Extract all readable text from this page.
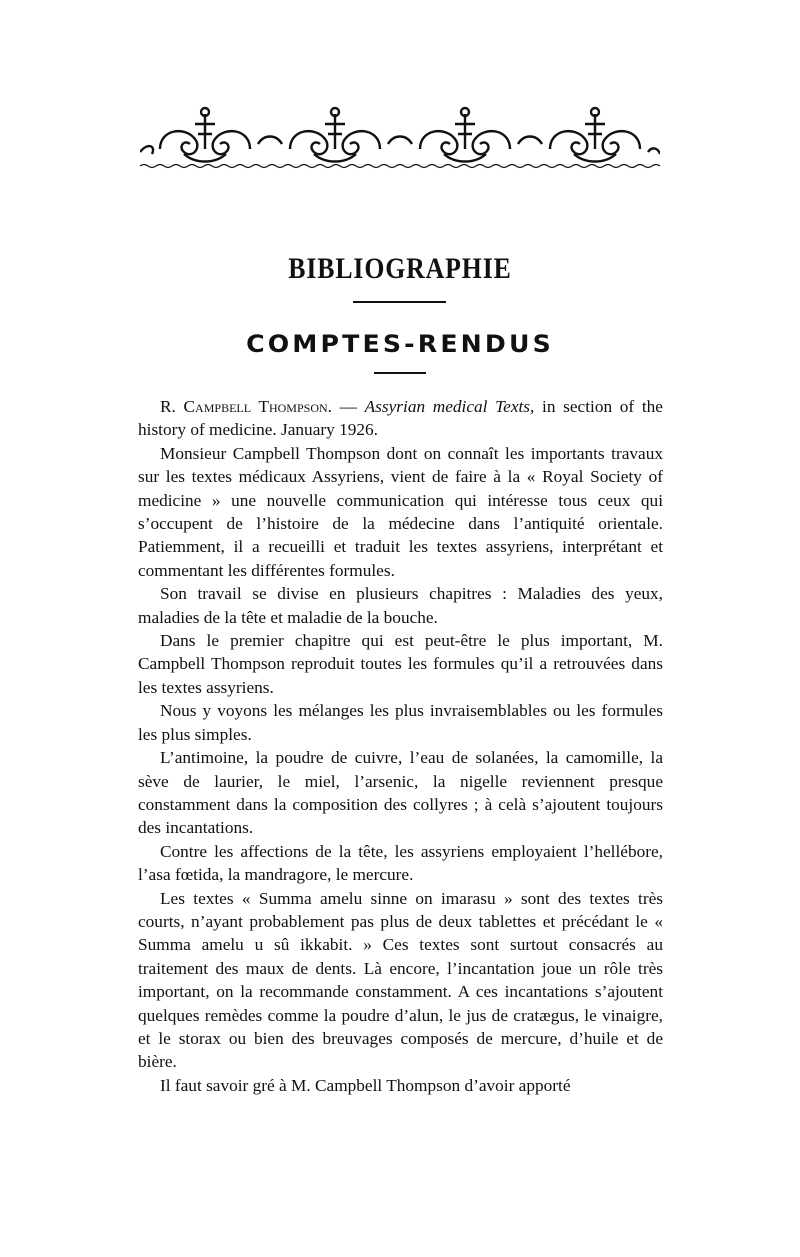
BIBLIOGRAPHIE
COMPTES-RENDUS

R. Campbell Thompson. — Assyrian medical Texts, in section of the history of medicine. January 1926.

Monsieur Campbell Thompson dont on connaît les importants travaux sur les textes médicaux Assyriens, vient de faire à la « Royal Society of medicine » une nouvelle communication qui intéresse tous ceux qui s’occupent de l’histoire de la médecine dans l’antiquité orientale. Patiemment, il a recueilli et traduit les textes assyriens, interprétant et commentant les différentes formules.

Son travail se divise en plusieurs chapitres : Maladies des yeux, maladies de la tête et maladie de la bouche.

Dans le premier chapitre qui est peut-être le plus important, M. Campbell Thompson reproduit toutes les formules qu’il a retrouvées dans les textes assyriens.

Nous y voyons les mélanges les plus invraisemblables ou les formules les plus simples.

L’antimoine, la poudre de cuivre, l’eau de solanées, la camomille, la sève de laurier, le miel, l’arsenic, la nigelle reviennent presque constamment dans la composition des collyres ; à celà s’ajoutent toujours des incantations.

Contre les affections de la tête, les assyriens employaient l’hellébore, l’asa fœtida, la mandragore, le mercure.

Les textes « Summa amelu sinne on imarasu » sont des textes très courts, n’ayant probablement pas plus de deux tablettes et précédant le « Summa amelu u sû ikkabit. » Ces textes sont surtout consacrés au traitement des maux de dents. Là encore, l’incantation joue un rôle très important, on la recommande constamment. A ces incantations s’ajoutent quelques remèdes comme la poudre d’alun, le jus de cratægus, le vinaigre, et le storax ou bien des breuvages composés de mercure, d’huile et de bière.

Il faut savoir gré à M. Campbell Thompson d’avoir apporté
